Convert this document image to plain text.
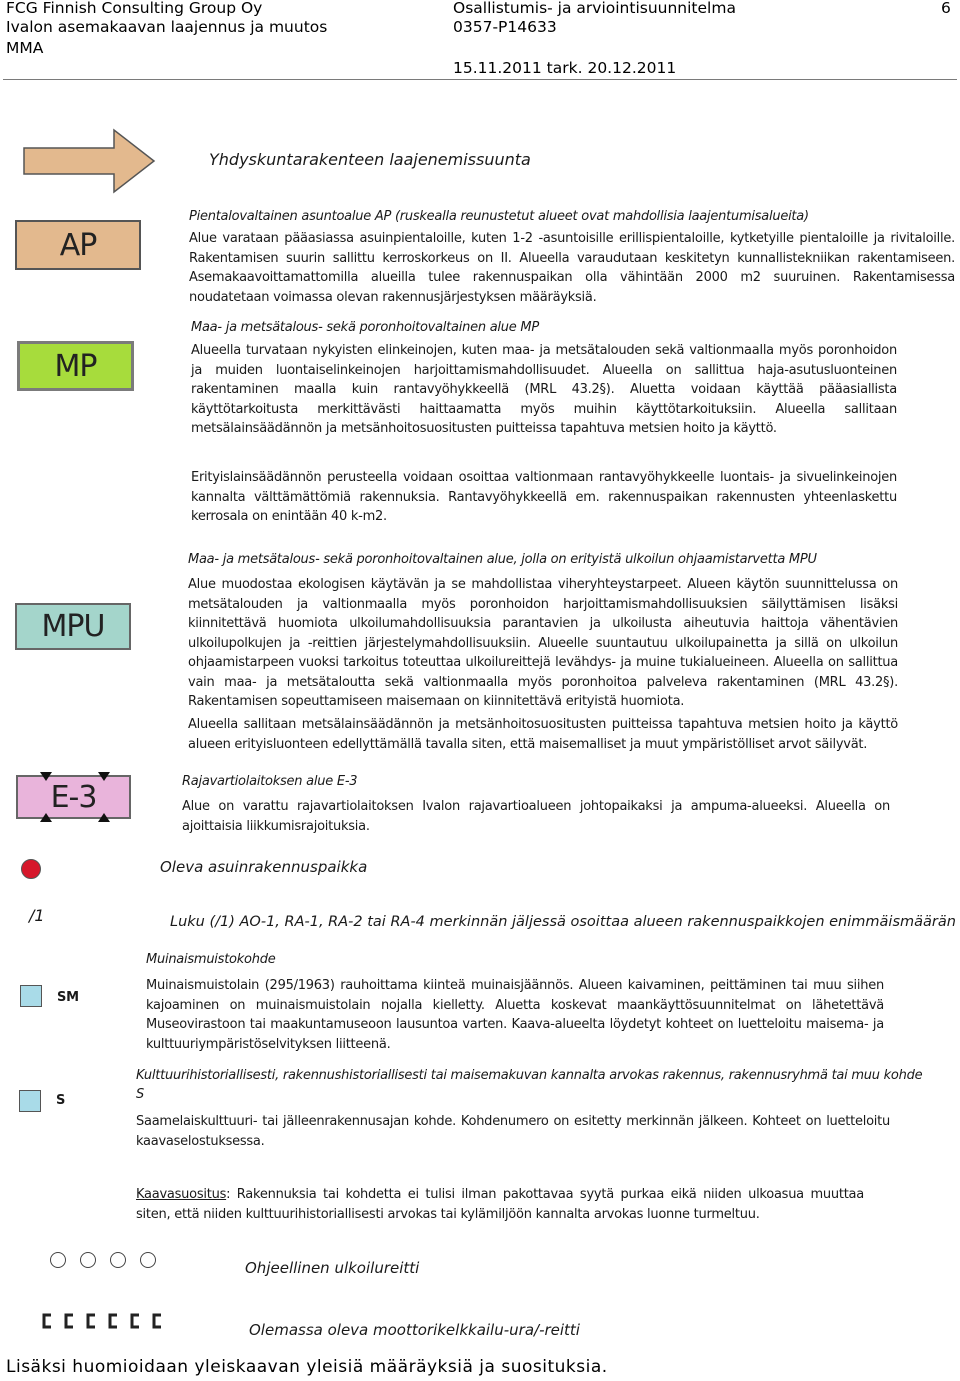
FCG Finnish Consulting Group Oy
Ivalon asemakaavan laajennus ja muutos
MMA
Osallistumis- ja arviointisuunnitelma
0357-P14633
15.11.2011 tark. 20.12.2011
6
Yhdyskuntarakenteen laajenemissuunta
AP
Pientalovaltainen asuntoalue AP (ruskealla reunustetut alueet ovat mahdollisia laajentumisalueita)
Alue varataan pääasiassa asuinpientaloille, kuten 1-2 -asuntoisille erillispientaloille, kytketyille pientaloille ja rivitaloille. Rakentamisen suurin sallittu kerroskorkeus on II. Alueella varaudutaan keskitetyn kunnallistekniikan rakentamiseen. Asemakaavoittamattomilla alueilla tulee rakennuspaikan olla vähintään 2000 m2 suuruinen. Rakentamisessa noudatetaan voimassa olevan rakennusjärjestyksen määräyksiä.
MP
Maa- ja metsätalous- sekä poronhoitovaltainen alue MP
Alueella turvataan nykyisten elinkeinojen, kuten maa- ja metsätalouden sekä valtionmaalla myös poronhoidon ja muiden luontaiselinkeinojen harjoittamismahdollisuudet. Alueella on sallittua haja-asutusluonteinen rakentaminen maalla kuin rantavyöhykkeellä (MRL 43.2§). Aluetta voidaan käyttää pääasiallista käyttötarkoitusta merkittävästi haittaamatta myös muihin käyttötarkoituksiin. Alueella sallitaan metsälainsäädännön ja metsänhoitosuositusten puitteissa tapahtuva metsien hoito ja käyttö.
Erityislainsäädännön perusteella voidaan osoittaa valtionmaan rantavyöhykkeelle luontais- ja sivuelinkeinojen kannalta välttämättömiä rakennuksia. Rantavyöhykkeellä em. rakennuspaikan rakennusten yhteenlaskettu kerrosala on enintään 40 k-m2.
MPU
Maa- ja metsätalous- sekä poronhoitovaltainen alue, jolla on erityistä ulkoilun ohjaamistarvetta MPU
Alue muodostaa ekologisen käytävän ja se mahdollistaa viheryhteystarpeet. Alueen käytön suunnittelussa on metsätalouden ja valtionmaalla myös poronhoidon harjoittamismahdollisuuksien säilyttämisen lisäksi kiinnitettävä huomiota ulkoilumahdollisuuksia parantavien ja ulkoilusta aiheutuvia haittoja vähentävien ulkoilupolkujen ja -reittien järjestelymahdollisuuksiin. Alueelle suuntautuu ulkoilupainetta ja sillä on ulkoilun ohjaamistarpeen vuoksi tarkoitus toteuttaa ulkoilureittejä levähdys- ja muine tukialueineen. Alueella on sallittua vain maa- ja metsätaloutta sekä valtionmaalla myös poronhoitoa palveleva rakentaminen (MRL 43.2§). Rakentamisen sopeuttamiseen maisemaan on kiinnitettävä erityistä huomiota.
Alueella sallitaan metsälainsäädännön ja metsänhoitosuositusten puitteissa tapahtuva metsien hoito ja käyttö alueen erityisluonteen edellyttämällä tavalla siten, että maisemalliset ja muut ympäristölliset arvot säilyvät.
E-3	Rajavartiolaitoksen alue E-3
Alue on varattu rajavartiolaitoksen Ivalon rajavartioalueen johtopaikaksi ja ampuma-alueeksi. Alueella on ajoittaisia liikkumisrajoituksia.
Oleva asuinrakennuspaikka
/1	Luku (/1) AO-1, RA-1, RA-2 tai RA-4 merkinnän jäljessä osoittaa alueen rakennuspaikkojen enimmäismäärän
SM
Muinaismuistokohde
Muinaismuistolain (295/1963) rauhoittama kiinteä muinaisjäännös. Alueen kaivaminen, peittäminen tai muu siihen kajoaminen on muinaismuistolain nojalla kielletty. Aluetta koskevat maankäyttösuunnitelmat on lähetettävä Museovirastoon tai maakuntamuseoon lausuntoa varten. Kaava-alueelta löydetyt kohteet on luetteloitu maisema- ja kulttuuriympäristöselvityksen liitteenä.
S
Kulttuurihistoriallisesti, rakennushistoriallisesti tai maisemakuvan kannalta arvokas rakennus, rakennusryhmä tai muu kohde
S
Saamelaiskulttuuri- tai jälleenrakennusajan kohde. Kohdenumero on esitetty merkinnän jälkeen. Kohteet on luetteloitu kaavaselostuksessa.
Kaavasuositus: Rakennuksia tai kohdetta ei tulisi ilman pakottavaa syytä purkaa eikä niiden ulkoasua muuttaa siten, että niiden kulttuurihistoriallisesti arvokas tai kylämiljöön kannalta arvokas luonne turmeltuu.
Ohjeellinen ulkoilureitti
Olemassa oleva moottorikelkkailu-ura/-reitti
Lisäksi huomioidaan yleiskaavan yleisiä määräyksiä ja suosituksia.
